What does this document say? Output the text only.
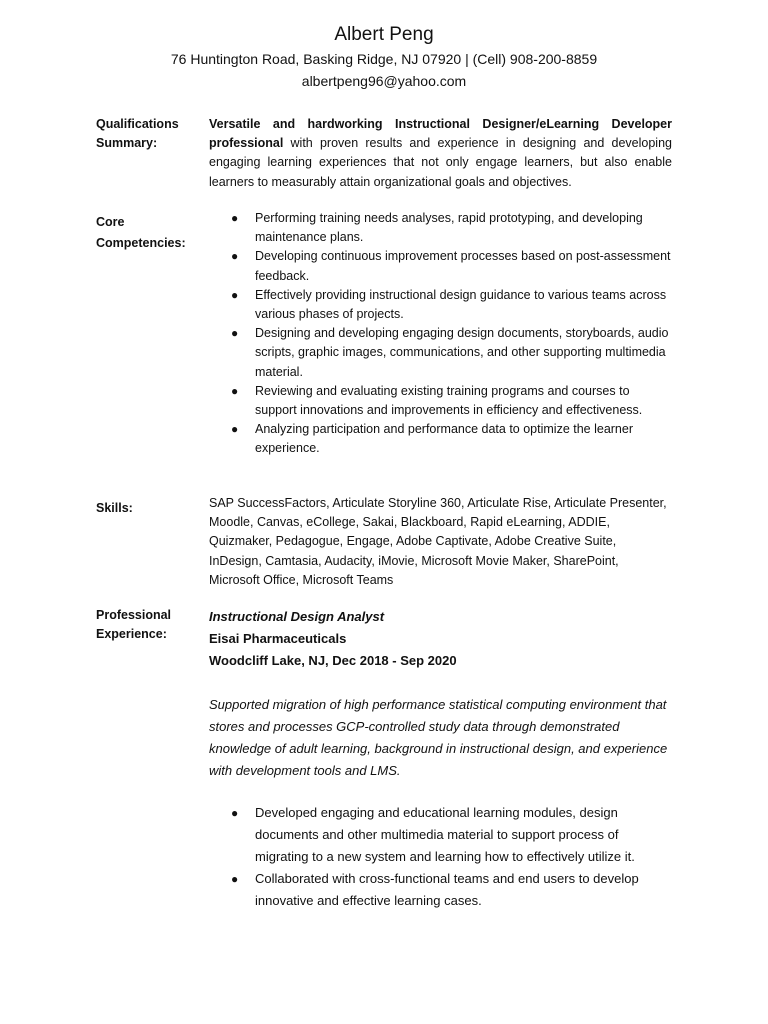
Albert Peng
76 Huntington Road, Basking Ridge, NJ 07920 | (Cell) 908-200-8859
albertpeng96@yahoo.com
Qualifications
Summary:
Versatile and hardworking Instructional Designer/eLearning Developer professional with proven results and experience in designing and developing engaging learning experiences that not only engage learners, but also enable learners to measurably attain organizational goals and objectives.
Core
Competencies:
● Performing training needs analyses, rapid prototyping, and developing maintenance plans.
● Developing continuous improvement processes based on post-assessment feedback.
● Effectively providing instructional design guidance to various teams across various phases of projects.
● Designing and developing engaging design documents, storyboards, audio scripts, graphic images, communications, and other supporting multimedia material.
● Reviewing and evaluating existing training programs and courses to support innovations and improvements in efficiency and effectiveness.
● Analyzing participation and performance data to optimize the learner experience.
Skills:	SAP SuccessFactors, Articulate Storyline 360, Articulate Rise, Articulate Presenter, Moodle, Canvas, eCollege, Sakai, Blackboard, Rapid eLearning, ADDIE, Quizmaker, Pedagogue, Engage, Adobe Captivate, Adobe Creative Suite, InDesign, Camtasia, Audacity, iMovie, Microsoft Movie Maker, SharePoint, Microsoft Office, Microsoft Teams
Professional
Experience:
Instructional Design Analyst
Eisai Pharmaceuticals
Woodcliff Lake, NJ, Dec 2018 - Sep 2020
Supported migration of high performance statistical computing environment that stores and processes GCP-controlled study data through demonstrated knowledge of adult learning, background in instructional design, and experience with development tools and LMS.
● Developed engaging and educational learning modules, design documents and other multimedia material to support process of migrating to a new system and learning how to effectively utilize it.
● Collaborated with cross-functional teams and end users to develop innovative and effective learning cases.
